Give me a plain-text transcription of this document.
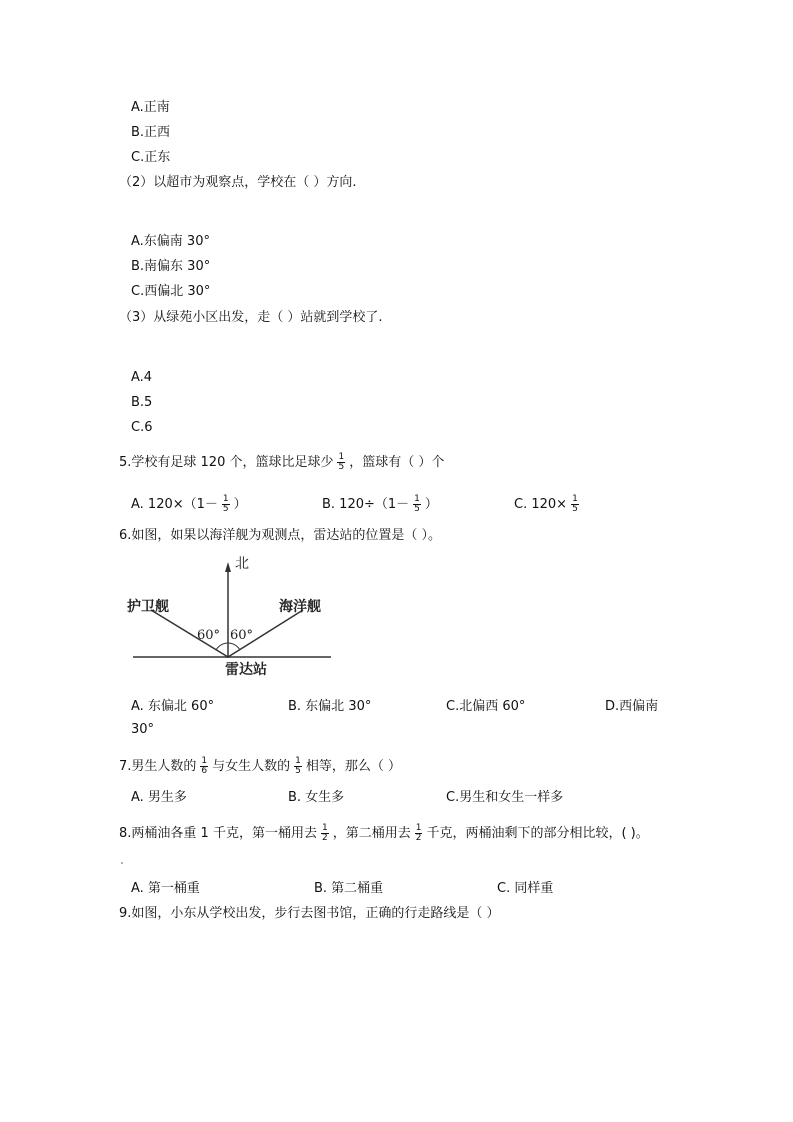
A.正南
B.正西
C.正东
（2）以超市为观察点，学校在（ ）方向.
A.东偏南 30°
B.南偏东 30°
C.西偏北 30°
（3）从绿苑小区出发，走（ ）站就到学校了.
A.4
B.5
C.6
5.学校有足球 120 个，篮球比足球少 $\frac{1}{5}$ ，篮球有（ ）个
A. $120\times(1- \frac{1}{5}$ ）	B. $120\div(1- \frac{1}{5}$ ）	C. $120\times \frac{1}{5}$
6.如图，如果以海洋舰为观测点，雷达站的位置是（ ）。
北
护卫舰	海洋舰
60° 60°
雷达站
A. 东偏北 60°	B. 东偏北 30°	C.北偏西 60°	D.西偏南
30°
7.男生人数的 $\frac{1}{6}$ 与女生人数的 $\frac{1}{5}$ 相等，那么（ ）
A. 男生多	B. 女生多	C.男生和女生一样多
8.两桶油各重 1 千克，第一桶用去 $\frac{1}{2}$ ，第二桶用去 $\frac{1}{2}$ 千克，两桶油剩下的部分相比较，( )。
A. 第一桶重	B. 第二桶重	C. 同样重
9.如图，小东从学校出发，步行去图书馆，正确的行走路线是（ ）
